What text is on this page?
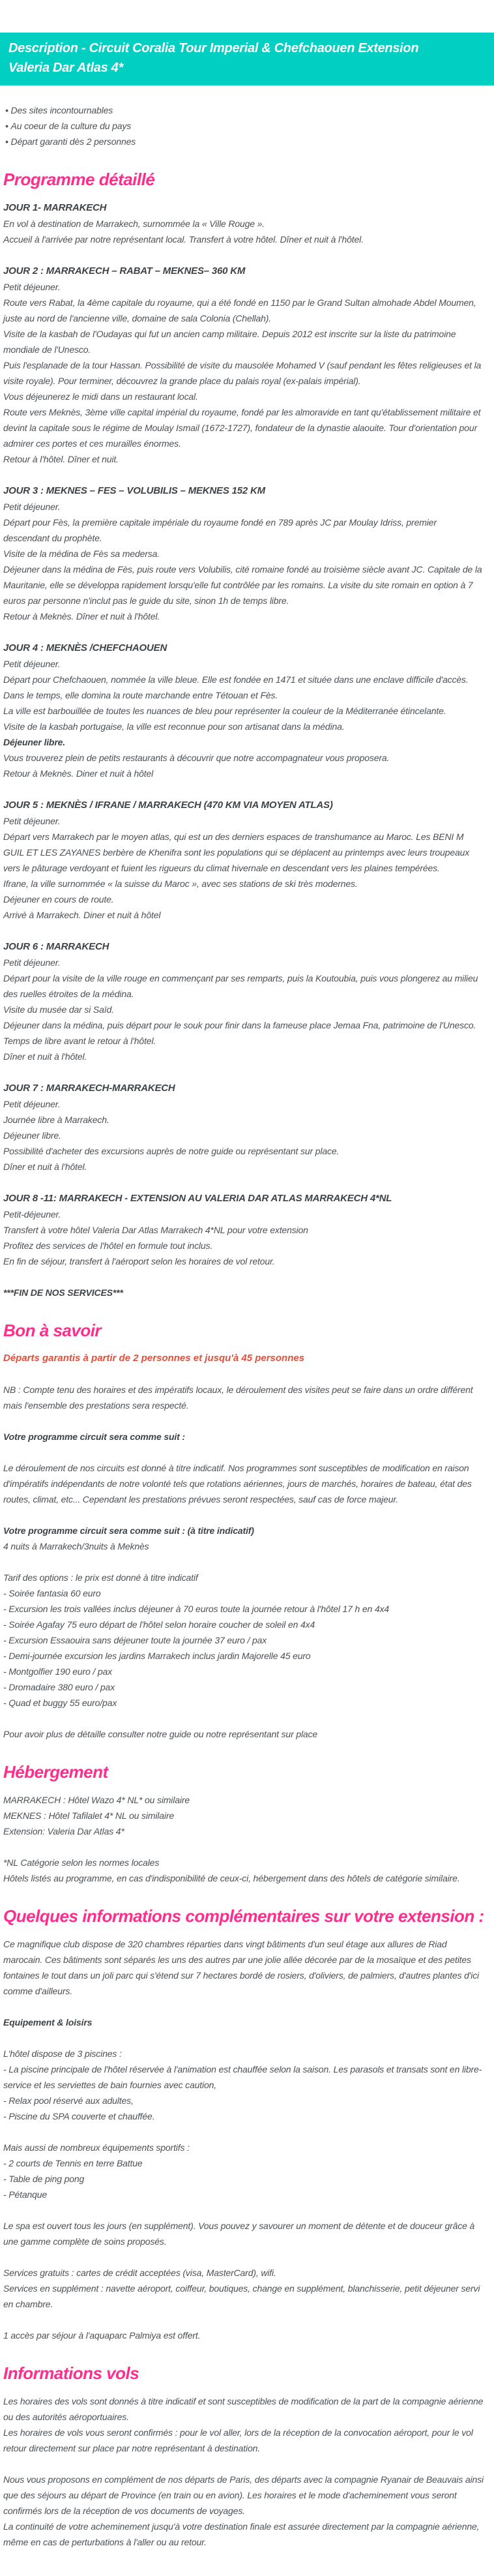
Description - Circuit Coralia Tour Imperial & Chefchaouen Extension Valeria Dar Atlas 4*

• Des sites incontournables

• Au coeur de la culture du pays

• Départ garanti dès 2 personnes

Programme détaillé

JOUR 1- MARRAKECH

En vol à destination de Marrakech, surnommée la « Ville Rouge ».

Accueil à l'arrivée par notre représentant local. Transfert à votre hôtel. Dîner et nuit à l'hôtel.

JOUR 2 : MARRAKECH – RABAT – MEKNES– 360 KM

Petit déjeuner.

Route vers Rabat, la 4ème capitale du royaume, qui a été fondé en 1150 par le Grand Sultan almohade Abdel Moumen, juste au nord de l'ancienne ville, domaine de sala Colonia (Chellah).

Visite de la kasbah de l'Oudayas qui fut un ancien camp militaire. Depuis 2012 est inscrite sur la liste du patrimoine mondiale de l'Unesco.

Puis l'esplanade de la tour Hassan. Possibilité de visite du mausolée Mohamed V (sauf pendant les fêtes religieuses et la visite royale). Pour terminer, découvrez la grande place du palais royal (ex-palais impérial).

Vous déjeunerez le midi dans un restaurant local.

Route vers Meknès, 3ème ville capital impérial du royaume, fondé par les almoravide en tant qu'établissement militaire et devint la capitale sous le régime de Moulay Ismail (1672-1727), fondateur de la dynastie alaouite. Tour d'orientation pour admirer ces portes et ces murailles énormes.

Retour à l'hôtel. Dîner et nuit.

JOUR 3 : MEKNES – FES – VOLUBILIS – MEKNES 152 KM

Petit déjeuner.

Départ pour Fès, la première capitale impériale du royaume fondé en 789 après JC par Moulay Idriss, premier descendant du prophète.

Visite de la médina de Fès sa medersa.

Déjeuner dans la médina de Fès, puis route vers Volubilis, cité romaine fondé au troisième siècle avant JC. Capitale de la Mauritanie, elle se développa rapidement lorsqu'elle fut contrôlée par les romains. La visite du site romain en option à 7 euros par personne n'inclut pas le guide du site, sinon 1h de temps libre.

Retour à Meknès. Dîner et nuit à l'hôtel.

JOUR 4 : MEKNÈS /CHEFCHAOUEN

Petit déjeuner.

Départ pour Chefchaouen, nommée la ville bleue. Elle est fondée en 1471 et située dans une enclave difficile d'accès.

Dans le temps, elle domina la route marchande entre Tétouan et Fès.

La ville est barbouillée de toutes les nuances de bleu pour représenter la couleur de la Méditerranée étincelante.

Visite de la kasbah portugaise, la ville est reconnue pour son artisanat dans la médina.

Déjeuner libre.

Vous trouverez plein de petits restaurants à découvrir que notre accompagnateur vous proposera.

Retour à Meknès. Diner et nuit à hôtel

JOUR 5 : MEKNÈS / IFRANE / MARRAKECH (470 KM VIA MOYEN ATLAS)

Petit déjeuner.

Départ vers Marrakech par le moyen atlas, qui est un des derniers espaces de transhumance au Maroc. Les BENI M GUIL ET LES ZAYANES berbère de Khenifra sont les populations qui se déplacent au printemps avec leurs troupeaux vers le pâturage verdoyant et fuient les rigueurs du climat hivernale en descendant vers les plaines tempérées.

Ifrane, la ville surnommée « la suisse du Maroc », avec ses stations de ski très modernes.

Déjeuner en cours de route.

Arrivé à Marrakech. Diner et nuit à hôtel

JOUR 6 : MARRAKECH

Petit déjeuner.

Départ pour la visite de la ville rouge en commençant par ses remparts, puis la Koutoubia, puis vous plongerez au milieu des ruelles étroites de la médina.

Visite du musée dar si Saïd.

Déjeuner dans la médina, puis départ pour le souk pour finir dans la fameuse place Jemaa Fna, patrimoine de l'Unesco.

Temps de libre avant le retour à l'hôtel.

Dîner et nuit à l'hôtel.

JOUR 7 : MARRAKECH-MARRAKECH

Petit déjeuner.

Journée libre à Marrakech.

Déjeuner libre.

Possibilité d'acheter des excursions auprès de notre guide ou représentant sur place.

Dîner et nuit à l'hôtel.

JOUR 8 -11: MARRAKECH - EXTENSION AU VALERIA DAR ATLAS MARRAKECH 4*NL

Petit-déjeuner.

Transfert à votre hôtel Valeria Dar Atlas Marrakech 4*NL pour votre extension

Profitez des services de l'hôtel en formule tout inclus.

En fin de séjour, transfert à l'aéroport selon les horaires de vol retour.

***FIN DE NOS SERVICES***

Bon à savoir

Départs garantis à partir de 2 personnes et jusqu'à 45 personnes

NB : Compte tenu des horaires et des impératifs locaux, le déroulement des visites peut se faire dans un ordre différent mais l'ensemble des prestations sera respecté.

Votre programme circuit sera comme suit :

Le déroulement de nos circuits est donné à titre indicatif. Nos programmes sont susceptibles de modification en raison d'impératifs indépendants de notre volonté tels que rotations aériennes, jours de marchés, horaires de bateau, état des routes, climat, etc... Cependant les prestations prévues seront respectées, sauf cas de force majeur.

Votre programme circuit sera comme suit : (à titre indicatif)

4 nuits à Marrakech/3nuits à Meknès

Tarif des options : le prix est donné à titre indicatif

- Soirée fantasia 60 euro

- Excursion les trois vallées inclus déjeuner à 70 euros toute la journée retour à l'hôtel 17 h en 4x4

- Soirée Agafay 75 euro départ de l'hôtel selon horaire coucher de soleil en 4x4

- Excursion Essaouira sans déjeuner toute la journée 37 euro / pax

- Demi-journée excursion les jardins Marrakech inclus jardin Majorelle 45 euro

- Montgolfier 190 euro / pax

- Dromadaire 380 euro / pax

- Quad et buggy 55 euro/pax

Pour avoir plus de détaille consulter notre guide ou notre représentant sur place

Hébergement

MARRAKECH : Hôtel Wazo 4* NL* ou similaire

MEKNES : Hôtel Tafilalet 4* NL ou similaire

Extension: Valeria Dar Atlas 4*

*NL Catégorie selon les normes locales

Hôtels listés au programme, en cas d'indisponibilité de ceux-ci, hébergement dans des hôtels de catégorie similaire.

Quelques informations complémentaires sur votre extension :

Ce magnifique club dispose de 320 chambres réparties dans vingt bâtiments d'un seul étage aux allures de Riad marocain. Ces bâtiments sont séparés les uns des autres par une jolie allée décorée par de la mosaïque et des petites fontaines le tout dans un joli parc qui s'étend sur 7 hectares bordé de rosiers, d'oliviers, de palmiers, d'autres plantes d'ici comme d'ailleurs.

Equipement & loisirs

L'hôtel dispose de 3 piscines :

- La piscine principale de l'hôtel réservée à l'animation est chauffée selon la saison. Les parasols et transats sont en libre-service et les serviettes de bain fournies avec caution,

- Relax pool réservé aux adultes,

- Piscine du SPA couverte et chauffée.

Mais aussi de nombreux équipements sportifs :

- 2 courts de Tennis en terre Battue

- Table de ping pong

- Pétanque

Le spa est ouvert tous les jours (en supplément). Vous pouvez y savourer un moment de détente et de douceur grâce à une gamme complète de soins proposés.

Services gratuits : cartes de crédit acceptées (visa, MasterCard), wifi.

Services en supplément : navette aéroport, coiffeur, boutiques, change en supplément, blanchisserie, petit déjeuner servi en chambre.

1 accès par séjour à l'aquaparc Palmiya est offert.

Informations vols

Les horaires des vols sont donnés à titre indicatif et sont susceptibles de modification de la part de la compagnie aérienne ou des autorités aéroportuaires.

Les horaires de vols vous seront confirmés : pour le vol aller, lors de la réception de la convocation aéroport, pour le vol retour directement sur place par notre représentant à destination.

Nous vous proposons en complément de nos départs de Paris, des départs avec la compagnie Ryanair de Beauvais ainsi que des séjours au départ de Province (en train ou en avion). Les horaires et le mode d'acheminement vous seront confirmés lors de la réception de vos documents de voyages.

La continuité de votre acheminement jusqu'à votre destination finale est assurée directement par la compagnie aérienne, même en cas de perturbations à l'aller ou au retour.
